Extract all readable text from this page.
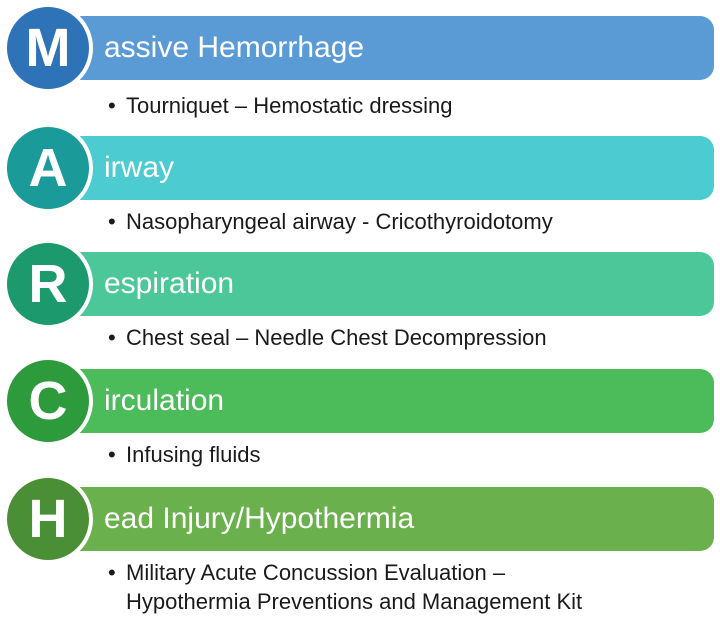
assive Hemorrhage
M
• Tourniquet – Hemostatic dressing
irway
A
• Nasopharyngeal airway - Cricothyroidotomy
espiration
R
• Chest seal – Needle Chest Decompression
irculation
C
• Infusing fluids
ead Injury/Hypothermia
H
• Military Acute Concussion Evaluation –
Hypothermia Preventions and Management Kit
